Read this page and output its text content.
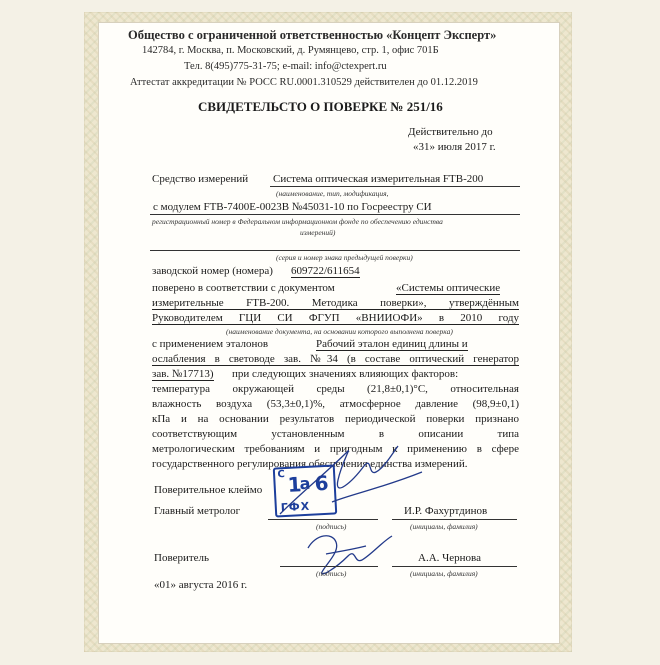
Общество с ограниченной ответственностью «Концепт Эксперт»
142784, г. Москва, п. Московский, д. Румянцево, стр. 1, офис 701Б
Тел. 8(495)775-31-75; e-mail: info@ctexpert.ru
Аттестат аккредитации № РОСС RU.0001.310529 действителен до 01.12.2019
СВИДЕТЕЛЬСТО О ПОВЕРКЕ № 251/16
Действительно до
«31» июля 2017 г.
Средство измерений Система оптическая измерительная FTB-200
(наименование, тип, модификация,
с модулем FTB-7400E-0023B №45031-10 по Госреестру СИ
регистрационный номер в Федеральном информационном фонде по обеспечению единства
измерений)
(серия и номер знака предыдущей поверки)
заводской номер (номера) 609722/611654
поверено в соответствии с документом	«Системы оптические
измерительные FTB-200. Методика поверки», утверждённым
Руководителем ГЦИ СИ ФГУП «ВНИИОФИ» в 2010 году
(наименование документа, на основании которого выполнена поверка)
с применением эталонов	Рабочий эталон единиц длины и
ослабления в световоде зав. №34 (в составе оптический генератор
зав. №17713) при следующих значениях влияющих факторов:
температура окружающей среды (21,8±0,1)°С, относительная
влажность воздуха (53,3±0,1)%, атмосферное давление (98,9±0,1)
кПа и на основании результатов периодической поверки признано
соответствующим установленным в описании типа
метрологическим требованиям и пригодным к применению в сфере
государственного регулирования обеспечения единства измерений.
Поверительное клеймо
С 1
а 6
ГФХ
Главный метролог
(подпись)
И.Р. Фахуртдинов
(инициалы, фамилия)
Поверитель
(подпись)
А.А. Чернова
(инициалы, фамилия)
«01» августа 2016 г.
